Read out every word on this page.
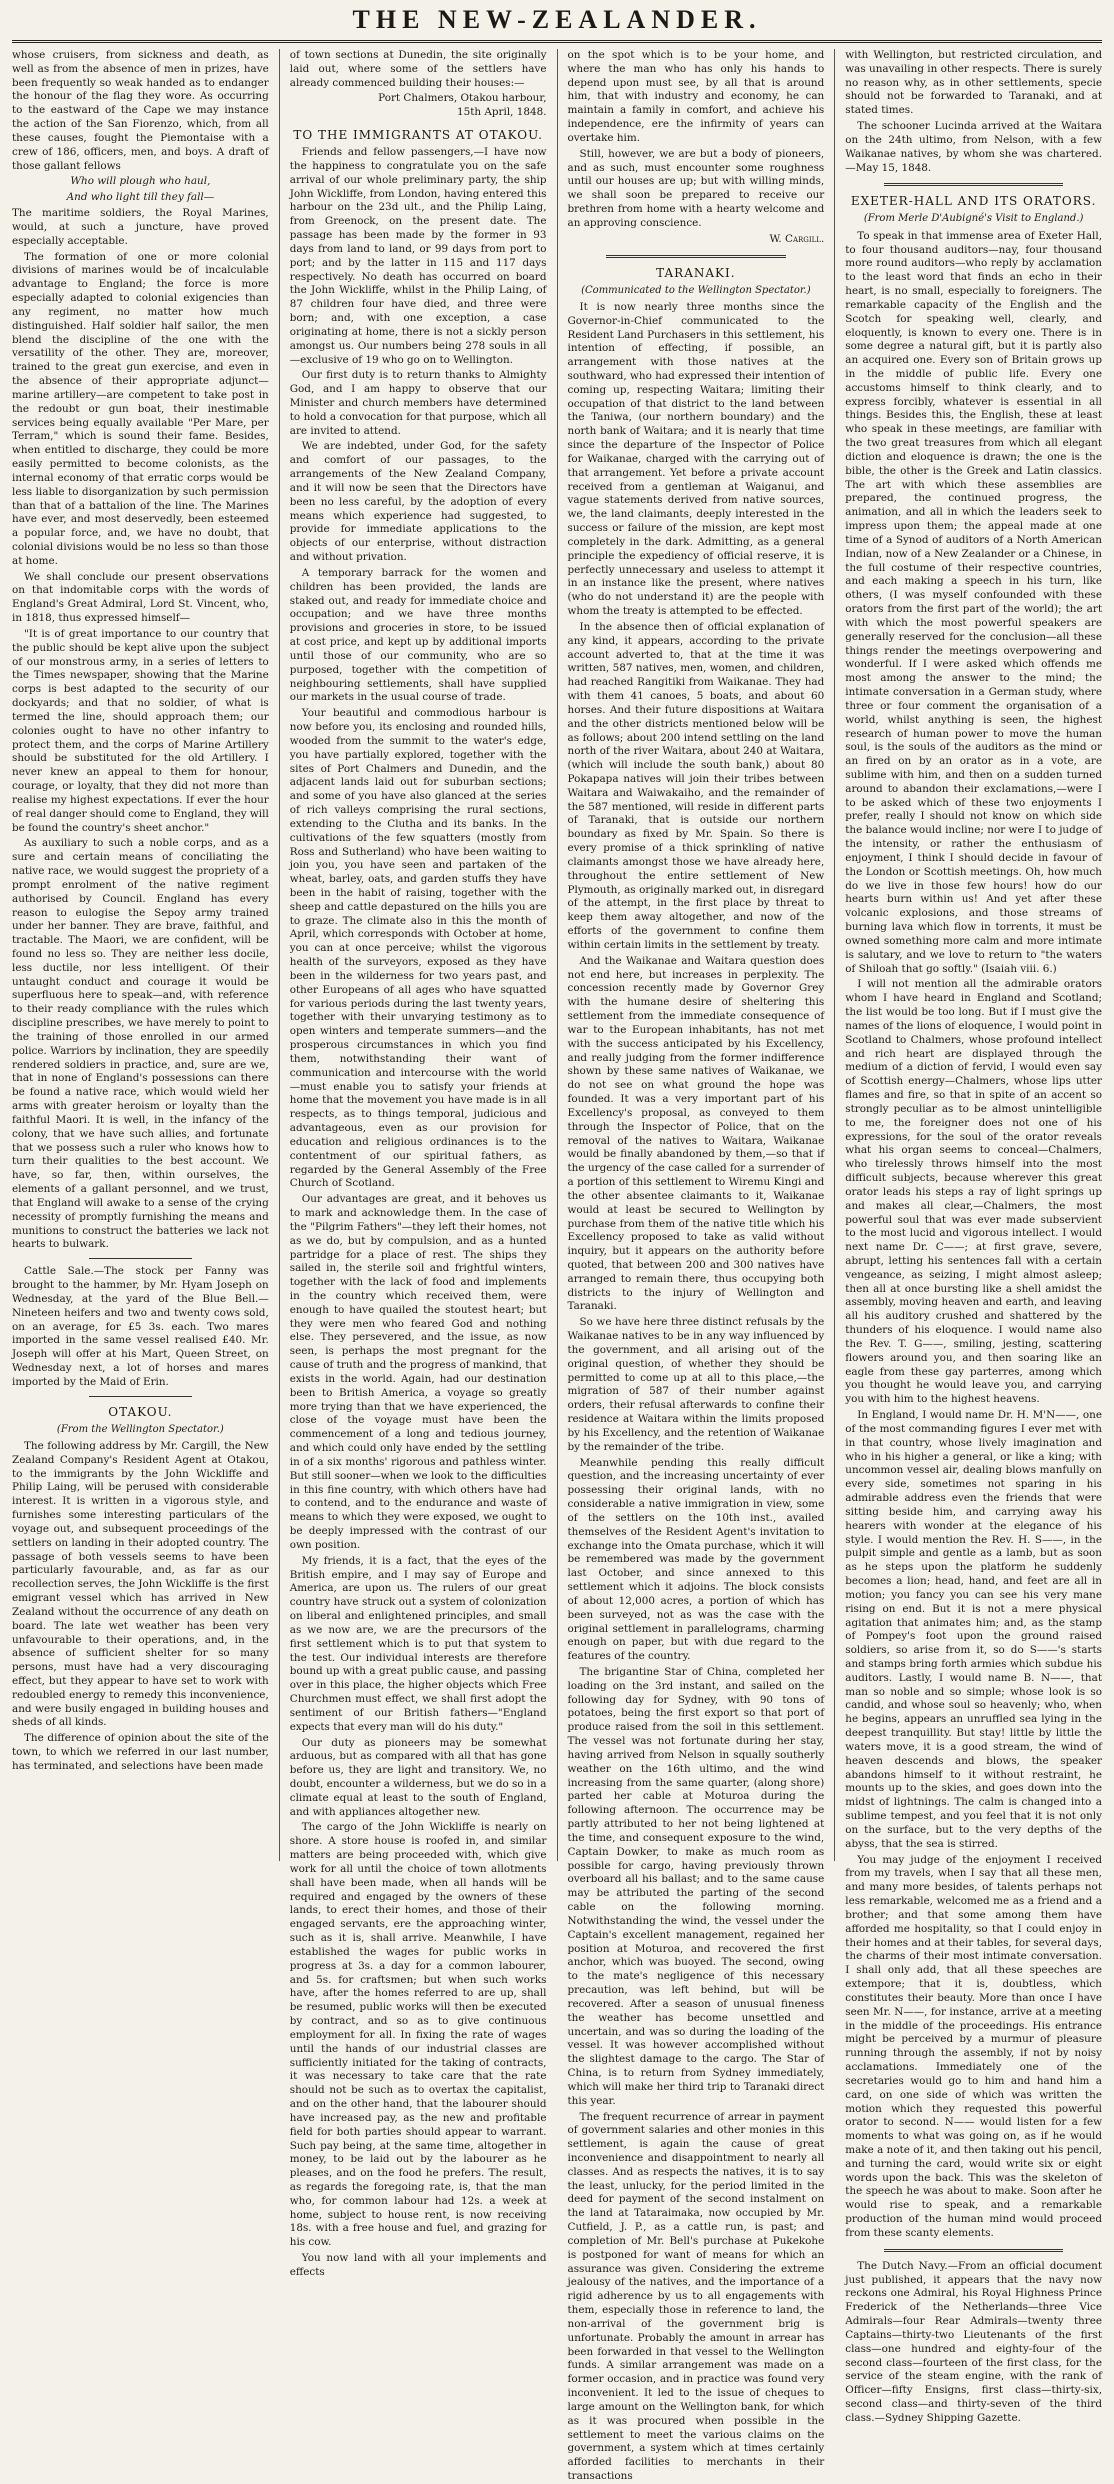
THE NEW-ZEALANDER.

whose cruisers, from sickness and death, as well as from the absence of men in prizes, have been frequently so weak handed as to endanger the honour of the flag they wore. As occurring to the eastward of the Cape we may instance the action of the San Fiorenzo, which, from all these causes, fought the Piemontaise with a crew of 186, officers, men, and boys. A draft of those gallant fellows

Who will plough who haul,
And who light till they fall—

The maritime soldiers, the Royal Marines, would, at such a juncture, have proved especially acceptable.

The formation of one or more colonial divisions of marines would be of incalculable advantage to England; the force is more especially adapted to colonial exigencies than any regiment, no matter how much distinguished. Half soldier half sailor, the men blend the discipline of the one with the versatility of the other. They are, moreover, trained to the great gun exercise, and even in the absence of their appropriate adjunct—marine artillery—are competent to take post in the redoubt or gun boat, their inestimable services being equally available "Per Mare, per Terram," which is sound their fame. Besides, when entitled to discharge, they could be more easily permitted to become colonists, as the internal economy of that erratic corps would be less liable to disorganization by such permission than that of a battalion of the line. The Marines have ever, and most deservedly, been esteemed a popular force, and, we have no doubt, that colonial divisions would be no less so than those at home.

We shall conclude our present observations on that indomitable corps with the words of England's Great Admiral, Lord St. Vincent, who, in 1818, thus expressed himself—

"It is of great importance to our country that the public should be kept alive upon the subject of our monstrous army, in a series of letters to the Times newspaper, showing that the Marine corps is best adapted to the security of our dockyards; and that no soldier, of what is termed the line, should approach them; our colonies ought to have no other infantry to protect them, and the corps of Marine Artillery should be substituted for the old Artillery. I never knew an appeal to them for honour, courage, or loyalty, that they did not more than realise my highest expectations. If ever the hour of real danger should come to England, they will be found the country's sheet anchor."

As auxiliary to such a noble corps, and as a sure and certain means of conciliating the native race, we would suggest the propriety of a prompt enrolment of the native regiment authorised by Council. England has every reason to eulogise the Sepoy army trained under her banner. They are brave, faithful, and tractable. The Maori, we are confident, will be found no less so. They are neither less docile, less ductile, nor less intelligent. Of their untaught conduct and courage it would be superfluous here to speak—and, with reference to their ready compliance with the rules which discipline prescribes, we have merely to point to the training of those enrolled in our armed police. Warriors by inclination, they are speedily rendered soldiers in practice, and, sure are we, that in none of England's possessions can there be found a native race, which would wield her arms with greater heroism or loyalty than the faithful Maori. It is well, in the infancy of the colony, that we have such allies, and fortunate that we possess such a ruler who knows how to turn their qualities to the best account. We have, so far, then, within ourselves, the elements of a gallant personnel, and we trust, that England will awake to a sense of the crying necessity of promptly furnishing the means and munitions to construct the batteries we lack not hearts to bulwark.

Cattle Sale.—The stock per Fanny was brought to the hammer, by Mr. Hyam Joseph on Wednesday, at the yard of the Blue Bell.—Nineteen heifers and two and twenty cows sold, on an average, for £5 3s. each. Two mares imported in the same vessel realised £40. Mr. Joseph will offer at his Mart, Queen Street, on Wednesday next, a lot of horses and mares imported by the Maid of Erin.

OTAKOU.
(From the Wellington Spectator.)

The following address by Mr. Cargill, the New Zealand Company's Resident Agent at Otakou, to the immigrants by the John Wickliffe and Philip Laing, will be perused with considerable interest. It is written in a vigorous style, and furnishes some interesting particulars of the voyage out, and subsequent proceedings of the settlers on landing in their adopted country. The passage of both vessels seems to have been particularly favourable, and, as far as our recollection serves, the John Wickliffe is the first emigrant vessel which has arrived in New Zealand without the occurrence of any death on board. The late wet weather has been very unfavourable to their operations, and, in the absence of sufficient shelter for so many persons, must have had a very discouraging effect, but they appear to have set to work with redoubled energy to remedy this inconvenience, and were busily engaged in building houses and sheds of all kinds.

The difference of opinion about the site of the town, to which we referred in our last number, has terminated, and selections have been made

of town sections at Dunedin, the site originally laid out, where some of the settlers have already commenced building their houses:—

Port Chalmers, Otakou harbour,
15th April, 1848.
TO THE IMMIGRANTS AT OTAKOU.

Friends and fellow passengers,—I have now the happiness to congratulate you on the safe arrival of our whole preliminary party, the ship John Wickliffe, from London, having entered this harbour on the 23d ult., and the Philip Laing, from Greenock, on the present date. The passage has been made by the former in 93 days from land to land, or 99 days from port to port; and by the latter in 115 and 117 days respectively. No death has occurred on board the John Wickliffe, whilst in the Philip Laing, of 87 children four have died, and three were born; and, with one exception, a case originating at home, there is not a sickly person amongst us. Our numbers being 278 souls in all—exclusive of 19 who go on to Wellington.

Our first duty is to return thanks to Almighty God, and I am happy to observe that our Minister and church members have determined to hold a convocation for that purpose, which all are invited to attend.

We are indebted, under God, for the safety and comfort of our passages, to the arrangements of the New Zealand Company, and it will now be seen that the Directors have been no less careful, by the adoption of every means which experience had suggested, to provide for immediate applications to the objects of our enterprise, without distraction and without privation.

A temporary barrack for the women and children has been provided, the lands are staked out, and ready for immediate choice and occupation; and we have three months provisions and groceries in store, to be issued at cost price, and kept up by additional imports until those of our community, who are so purposed, together with the competition of neighbouring settlements, shall have supplied our markets in the usual course of trade.

Your beautiful and commodious harbour is now before you, its enclosing and rounded hills, wooded from the summit to the water's edge, you have partially explored, together with the sites of Port Chalmers and Dunedin, and the adjacent lands laid out for suburban sections; and some of you have also glanced at the series of rich valleys comprising the rural sections, extending to the Clutha and its banks. In the cultivations of the few squatters (mostly from Ross and Sutherland) who have been waiting to join you, you have seen and partaken of the wheat, barley, oats, and garden stuffs they have been in the habit of raising, together with the sheep and cattle depastured on the hills you are to graze. The climate also in this the month of April, which corresponds with October at home, you can at once perceive; whilst the vigorous health of the surveyors, exposed as they have been in the wilderness for two years past, and other Europeans of all ages who have squatted for various periods during the last twenty years, together with their unvarying testimony as to open winters and temperate summers—and the prosperous circumstances in which you find them, notwithstanding their want of communication and intercourse with the world—must enable you to satisfy your friends at home that the movement you have made is in all respects, as to things temporal, judicious and advantageous, even as our provision for education and religious ordinances is to the contentment of our spiritual fathers, as regarded by the General Assembly of the Free Church of Scotland.

Our advantages are great, and it behoves us to mark and acknowledge them. In the case of the "Pilgrim Fathers"—they left their homes, not as we do, but by compulsion, and as a hunted partridge for a place of rest. The ships they sailed in, the sterile soil and frightful winters, together with the lack of food and implements in the country which received them, were enough to have quailed the stoutest heart; but they were men who feared God and nothing else. They persevered, and the issue, as now seen, is perhaps the most pregnant for the cause of truth and the progress of mankind, that exists in the world. Again, had our destination been to British America, a voyage so greatly more trying than that we have experienced, the close of the voyage must have been the commencement of a long and tedious journey, and which could only have ended by the settling in of a six months' rigorous and pathless winter. But still sooner—when we look to the difficulties in this fine country, with which others have had to contend, and to the endurance and waste of means to which they were exposed, we ought to be deeply impressed with the contrast of our own position.

My friends, it is a fact, that the eyes of the British empire, and I may say of Europe and America, are upon us. The rulers of our great country have struck out a system of colonization on liberal and enlightened principles, and small as we now are, we are the precursors of the first settlement which is to put that system to the test. Our individual interests are therefore bound up with a great public cause, and passing over in this place, the higher objects which Free Churchmen must effect, we shall first adopt the sentiment of our British fathers—"England expects that every man will do his duty."

Our duty as pioneers may be somewhat arduous, but as compared with all that has gone before us, they are light and transitory. We, no doubt, encounter a wilderness, but we do so in a climate equal at least to the south of England, and with appliances altogether new.

The cargo of the John Wickliffe is nearly on shore. A store house is roofed in, and similar matters are being proceeded with, which give work for all until the choice of town allotments shall have been made, when all hands will be required and engaged by the owners of these lands, to erect their homes, and those of their engaged servants, ere the approaching winter, such as it is, shall arrive. Meanwhile, I have established the wages for public works in progress at 3s. a day for a common labourer, and 5s. for craftsmen; but when such works have, after the homes referred to are up, shall be resumed, public works will then be executed by contract, and so as to give continuous employment for all. In fixing the rate of wages until the hands of our industrial classes are sufficiently initiated for the taking of contracts, it was necessary to take care that the rate should not be such as to overtax the capitalist, and on the other hand, that the labourer should have increased pay, as the new and profitable field for both parties should appear to warrant. Such pay being, at the same time, altogether in money, to be laid out by the labourer as he pleases, and on the food he prefers. The result, as regards the foregoing rate, is, that the man who, for common labour had 12s. a week at home, subject to house rent, is now receiving 18s. with a free house and fuel, and grazing for his cow.

You now land with all your implements and effects

on the spot which is to be your home, and where the man who has only his hands to depend upon must see, by all that is around him, that with industry and economy, he can maintain a family in comfort, and achieve his independence, ere the infirmity of years can overtake him.

Still, however, we are but a body of pioneers, and as such, must encounter some roughness until our houses are up; but with willing minds, we shall soon be prepared to receive our brethren from home with a hearty welcome and an approving conscience.

W. Cargill.
TARANAKI.
(Communicated to the Wellington Spectator.)

It is now nearly three months since the Governor-in-Chief communicated to the Resident Land Purchasers in this settlement, his intention of effecting, if possible, an arrangement with those natives at the southward, who had expressed their intention of coming up, respecting Waitara; limiting their occupation of that district to the land between the Taniwa, (our northern boundary) and the north bank of Waitara; and it is nearly that time since the departure of the Inspector of Police for Waikanae, charged with the carrying out of that arrangement. Yet before a private account received from a gentleman at Waiganui, and vague statements derived from native sources, we, the land claimants, deeply interested in the success or failure of the mission, are kept most completely in the dark. Admitting, as a general principle the expediency of official reserve, it is perfectly unnecessary and useless to attempt it in an instance like the present, where natives (who do not understand it) are the people with whom the treaty is attempted to be effected.

In the absence then of official explanation of any kind, it appears, according to the private account adverted to, that at the time it was written, 587 natives, men, women, and children, had reached Rangitiki from Waikanae. They had with them 41 canoes, 5 boats, and about 60 horses. And their future dispositions at Waitara and the other districts mentioned below will be as follows; about 200 intend settling on the land north of the river Waitara, about 240 at Waitara, (which will include the south bank,) about 80 Pokapapa natives will join their tribes between Waitara and Waiwakaiho, and the remainder of the 587 mentioned, will reside in different parts of Taranaki, that is outside our northern boundary as fixed by Mr. Spain. So there is every promise of a thick sprinkling of native claimants amongst those we have already here, throughout the entire settlement of New Plymouth, as originally marked out, in disregard of the attempt, in the first place by threat to keep them away altogether, and now of the efforts of the government to confine them within certain limits in the settlement by treaty.

And the Waikanae and Waitara question does not end here, but increases in perplexity. The concession recently made by Governor Grey with the humane desire of sheltering this settlement from the immediate consequence of war to the European inhabitants, has not met with the success anticipated by his Excellency, and really judging from the former indifference shown by these same natives of Waikanae, we do not see on what ground the hope was founded. It was a very important part of his Excellency's proposal, as conveyed to them through the Inspector of Police, that on the removal of the natives to Waitara, Waikanae would be finally abandoned by them,—so that if the urgency of the case called for a surrender of a portion of this settlement to Wiremu Kingi and the other absentee claimants to it, Waikanae would at least be secured to Wellington by purchase from them of the native title which his Excellency proposed to take as valid without inquiry, but it appears on the authority before quoted, that between 200 and 300 natives have arranged to remain there, thus occupying both districts to the injury of Wellington and Taranaki.

So we have here three distinct refusals by the Waikanae natives to be in any way influenced by the government, and all arising out of the original question, of whether they should be permitted to come up at all to this place,—the migration of 587 of their number against orders, their refusal afterwards to confine their residence at Waitara within the limits proposed by his Excellency, and the retention of Waikanae by the remainder of the tribe.

Meanwhile pending this really difficult question, and the increasing uncertainty of ever possessing their original lands, with no considerable a native immigration in view, some of the settlers on the 10th inst., availed themselves of the Resident Agent's invitation to exchange into the Omata purchase, which it will be remembered was made by the government last October, and since annexed to this settlement which it adjoins. The block consists of about 12,000 acres, a portion of which has been surveyed, not as was the case with the original settlement in parallelograms, charming enough on paper, but with due regard to the features of the country.

The brigantine Star of China, completed her loading on the 3rd instant, and sailed on the following day for Sydney, with 90 tons of potatoes, being the first export so that port of produce raised from the soil in this settlement. The vessel was not fortunate during her stay, having arrived from Nelson in squally southerly weather on the 16th ultimo, and the wind increasing from the same quarter, (along shore) parted her cable at Moturoa during the following afternoon. The occurrence may be partly attributed to her not being lightened at the time, and consequent exposure to the wind, Captain Dowker, to make as much room as possible for cargo, having previously thrown overboard all his ballast; and to the same cause may be attributed the parting of the second cable on the following morning. Notwithstanding the wind, the vessel under the Captain's excellent management, regained her position at Moturoa, and recovered the first anchor, which was buoyed. The second, owing to the mate's negligence of this necessary precaution, was left behind, but will be recovered. After a season of unusual fineness the weather has become unsettled and uncertain, and was so during the loading of the vessel. It was however accomplished without the slightest damage to the cargo. The Star of China, is to return from Sydney immediately, which will make her third trip to Taranaki direct this year.

The frequent recurrence of arrear in payment of government salaries and other monies in this settlement, is again the cause of great inconvenience and disappointment to nearly all classes. And as respects the natives, it is to say the least, unlucky, for the period limited in the deed for payment of the second instalment on the land at Tataraimaka, now occupied by Mr. Cutfield, J. P., as a cattle run, is past; and completion of Mr. Bell's purchase at Pukekohe is postponed for want of means for which an assurance was given. Considering the extreme jealousy of the natives, and the importance of a rigid adherence by us to all engagements with them, especially those in reference to land, the non-arrival of the government brig is unfortunate. Probably the amount in arrear has been forwarded in that vessel to the Wellington funds. A similar arrangement was made on a former occasion, and in practice was found very inconvenient. It led to the issue of cheques to large amount on the Wellington bank, for which as it was procured when possible in the settlement to meet the various claims on the government, a system which at times certainly afforded facilities to merchants in their transactions

with Wellington, but restricted circulation, and was unavailing in other respects. There is surely no reason why, as in other settlements, specie should not be forwarded to Taranaki, and at stated times.

The schooner Lucinda arrived at the Waitara on the 24th ultimo, from Nelson, with a few Waikanae natives, by whom she was chartered.—May 15, 1848.

EXETER-HALL AND ITS ORATORS.
(From Merle D'Aubigné's Visit to England.)

To speak in that immense area of Exeter Hall, to four thousand auditors—nay, four thousand more round auditors—who reply by acclamation to the least word that finds an echo in their heart, is no small, especially to foreigners. The remarkable capacity of the English and the Scotch for speaking well, clearly, and eloquently, is known to every one. There is in some degree a natural gift, but it is partly also an acquired one. Every son of Britain grows up in the middle of public life. Every one accustoms himself to think clearly, and to express forcibly, whatever is essential in all things. Besides this, the English, these at least who speak in these meetings, are familiar with the two great treasures from which all elegant diction and eloquence is drawn; the one is the bible, the other is the Greek and Latin classics. The art with which these assemblies are prepared, the continued progress, the animation, and all in which the leaders seek to impress upon them; the appeal made at one time of a Synod of auditors of a North American Indian, now of a New Zealander or a Chinese, in the full costume of their respective countries, and each making a speech in his turn, like others, (I was myself confounded with these orators from the first part of the world); the art with which the most powerful speakers are generally reserved for the conclusion—all these things render the meetings overpowering and wonderful. If I were asked which offends me most among the answer to the mind; the intimate conversation in a German study, where three or four comment the organisation of a world, whilst anything is seen, the highest research of human power to move the human soul, is the souls of the auditors as the mind or an fired on by an orator as in a vote, are sublime with him, and then on a sudden turned around to abandon their exclamations,—were I to be asked which of these two enjoyments I prefer, really I should not know on which side the balance would incline; nor were I to judge of the intensity, or rather the enthusiasm of enjoyment, I think I should decide in favour of the London or Scottish meetings. Oh, how much do we live in those few hours! how do our hearts burn within us! And yet after these volcanic explosions, and those streams of burning lava which flow in torrents, it must be owned something more calm and more intimate is salutary, and we love to return to "the waters of Shiloah that go softly." (Isaiah viii. 6.)

I will not mention all the admirable orators whom I have heard in England and Scotland; the list would be too long. But if I must give the names of the lions of eloquence, I would point in Scotland to Chalmers, whose profound intellect and rich heart are displayed through the medium of a diction of fervid, I would even say of Scottish energy—Chalmers, whose lips utter flames and fire, so that in spite of an accent so strongly peculiar as to be almost unintelligible to me, the foreigner does not one of his expressions, for the soul of the orator reveals what his organ seems to conceal—Chalmers, who tirelessly throws himself into the most difficult subjects, because wherever this great orator leads his steps a ray of light springs up and makes all clear,—Chalmers, the most powerful soul that was ever made subservient to the most lucid and vigorous intellect. I would next name Dr. C——; at first grave, severe, abrupt, letting his sentences fall with a certain vengeance, as seizing, I might almost asleep; then all at once bursting like a shell amidst the assembly, moving heaven and earth, and leaving all his auditory crushed and shattered by the thunders of his eloquence. I would name also the Rev. T. G——, smiling, jesting, scattering flowers around you, and then soaring like an eagle from these gay parterres, among which you thought he would leave you, and carrying you with him to the highest heavens.

In England, I would name Dr. H. M'N——, one of the most commanding figures I ever met with in that country, whose lively imagination and who in his higher a general, or like a king; with uncommon vessel air, dealing blows manfully on every side, sometimes not sparing in his admirable address even the friends that were sitting beside him, and carrying away his hearers with wonder at the elegance of his style. I would mention the Rev. H. S——, in the pulpit simple and gentle as a lamb, but as soon as he steps upon the platform he suddenly becomes a lion; head, hand, and feet are all in motion; you fancy you can see his very mane rising on end. But it is not a mere physical agitation that animates him; and, as the stamp of Pompey's foot upon the ground raised soldiers, so arise from it, so do S——'s starts and stamps bring forth armies which subdue his auditors. Lastly, I would name B. N——, that man so noble and so simple; whose look is so candid, and whose soul so heavenly; who, when he begins, appears an unruffled sea lying in the deepest tranquillity. But stay! little by little the waters move, it is a good stream, the wind of heaven descends and blows, the speaker abandons himself to it without restraint, he mounts up to the skies, and goes down into the midst of lightnings. The calm is changed into a sublime tempest, and you feel that it is not only on the surface, but to the very depths of the abyss, that the sea is stirred.

You may judge of the enjoyment I received from my travels, when I say that all these men, and many more besides, of talents perhaps not less remarkable, welcomed me as a friend and a brother; and that some among them have afforded me hospitality, so that I could enjoy in their homes and at their tables, for several days, the charms of their most intimate conversation. I shall only add, that all these speeches are extempore; that it is, doubtless, which constitutes their beauty. More than once I have seen Mr. N——, for instance, arrive at a meeting in the middle of the proceedings. His entrance might be perceived by a murmur of pleasure running through the assembly, if not by noisy acclamations. Immediately one of the secretaries would go to him and hand him a card, on one side of which was written the motion which they requested this powerful orator to second. N—— would listen for a few moments to what was going on, as if he would make a note of it, and then taking out his pencil, and turning the card, would write six or eight words upon the back. This was the skeleton of the speech he was about to make. Soon after he would rise to speak, and a remarkable production of the human mind would proceed from these scanty elements.

The Dutch Navy.—From an official document just published, it appears that the navy now reckons one Admiral, his Royal Highness Prince Frederick of the Netherlands—three Vice Admirals—four Rear Admirals—twenty three Captains—thirty-two Lieutenants of the first class—one hundred and eighty-four of the second class—fourteen of the first class, for the service of the steam engine, with the rank of Officer—fifty Ensigns, first class—thirty-six, second class—and thirty-seven of the third class.—Sydney Shipping Gazette.
